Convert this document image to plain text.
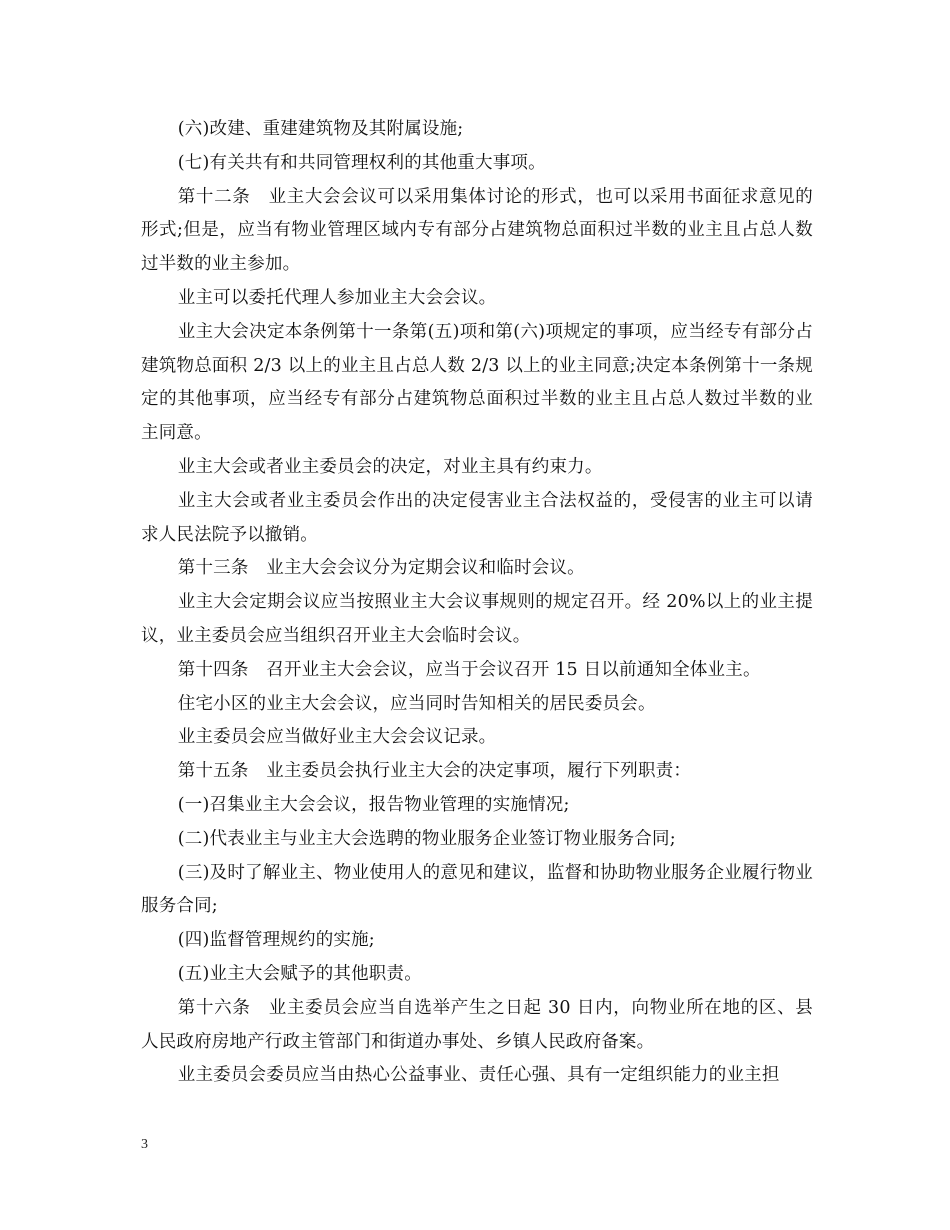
(六)改建、重建建筑物及其附属设施;

(七)有关共有和共同管理权利的其他重大事项。

第十二条　业主大会会议可以采用集体讨论的形式，也可以采用书面征求意见的形式;但是，应当有物业管理区域内专有部分占建筑物总面积过半数的业主且占总人数过半数的业主参加。

业主可以委托代理人参加业主大会会议。

业主大会决定本条例第十一条第(五)项和第(六)项规定的事项，应当经专有部分占建筑物总面积 2/3 以上的业主且占总人数 2/3 以上的业主同意;决定本条例第十一条规定的其他事项，应当经专有部分占建筑物总面积过半数的业主且占总人数过半数的业主同意。

业主大会或者业主委员会的决定，对业主具有约束力。

业主大会或者业主委员会作出的决定侵害业主合法权益的，受侵害的业主可以请求人民法院予以撤销。

第十三条　业主大会会议分为定期会议和临时会议。

业主大会定期会议应当按照业主大会议事规则的规定召开。经 20%以上的业主提议，业主委员会应当组织召开业主大会临时会议。

第十四条　召开业主大会会议，应当于会议召开 15 日以前通知全体业主。

住宅小区的业主大会会议，应当同时告知相关的居民委员会。

业主委员会应当做好业主大会会议记录。

第十五条　业主委员会执行业主大会的决定事项，履行下列职责：

(一)召集业主大会会议，报告物业管理的实施情况;

(二)代表业主与业主大会选聘的物业服务企业签订物业服务合同;

(三)及时了解业主、物业使用人的意见和建议，监督和协助物业服务企业履行物业服务合同;

(四)监督管理规约的实施;

(五)业主大会赋予的其他职责。

第十六条　业主委员会应当自选举产生之日起 30 日内，向物业所在地的区、县人民政府房地产行政主管部门和街道办事处、乡镇人民政府备案。

业主委员会委员应当由热心公益事业、责任心强、具有一定组织能力的业主担

3
